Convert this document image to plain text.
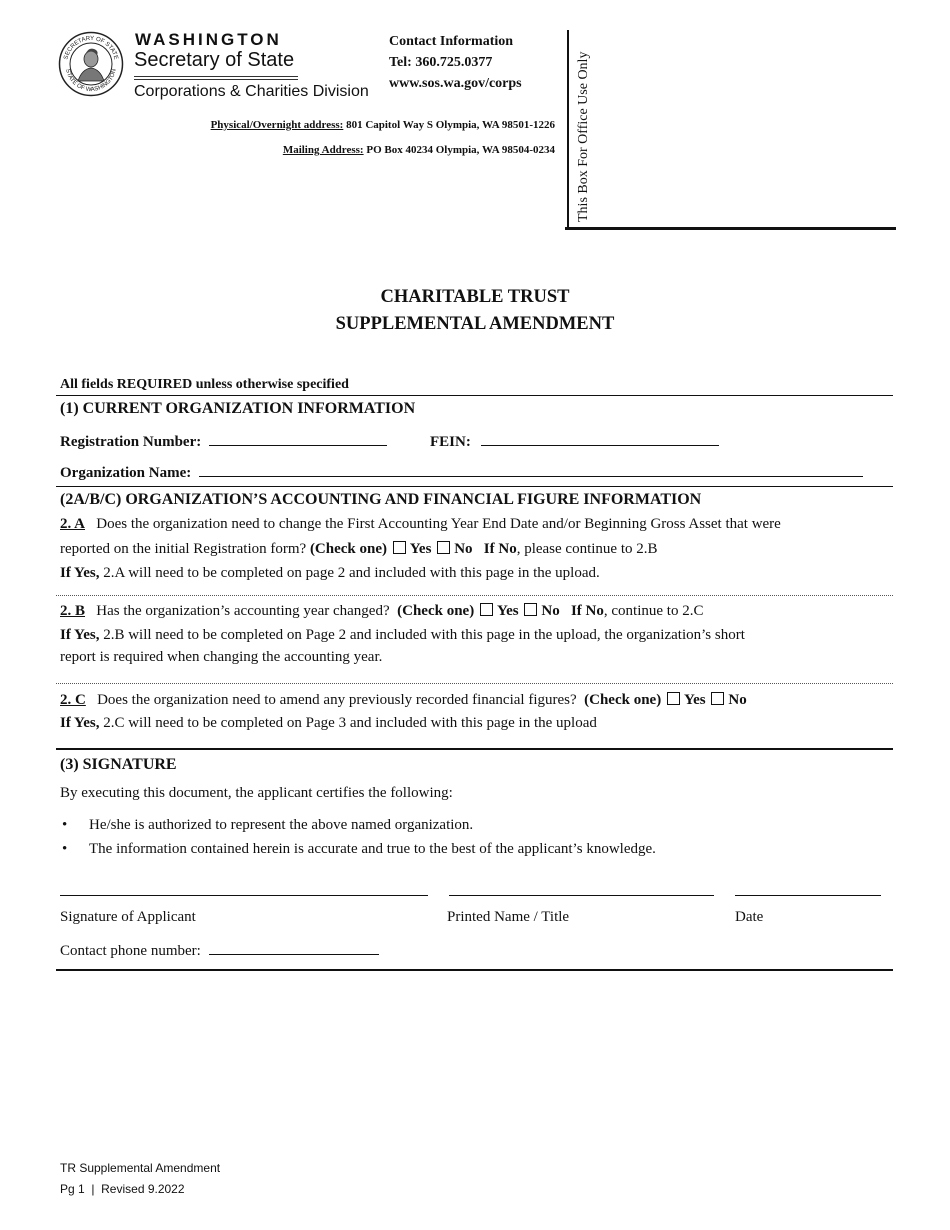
SECRETARY OF STATE
STATE OF WASHINGTON
WASHINGTON
Secretary of State
Corporations & Charities Division
Contact Information
Tel: 360.725.0377
www.sos.wa.gov/corps
Physical/Overnight address: 801 Capitol Way S Olympia, WA 98501-1226
Mailing Address: PO Box 40234 Olympia, WA 98504-0234 This Box For Office Use Only
CHARITABLE TRUST
SUPPLEMENTAL AMENDMENT
All fields REQUIRED unless otherwise specified
(1) CURRENT ORGANIZATION INFORMATION
Registration Number:	FEIN:
Organization Name:
(2A/B/C) ORGANIZATION’S ACCOUNTING AND FINANCIAL FIGURE INFORMATION
2. A Does the organization need to change the First Accounting Year End Date and/or Beginning Gross Asset that were
reported on the initial Registration form? (Check one) Yes No If No, please continue to 2.B
If Yes, 2.A will need to be completed on page 2 and included with this page in the upload.
2. B Has the organization’s accounting year changed? (Check one) Yes No If No, continue to 2.C
If Yes, 2.B will need to be completed on Page 2 and included with this page in the upload, the organization’s short
report is required when changing the accounting year.
2. C Does the organization need to amend any previously recorded financial figures? (Check one) Yes No
If Yes, 2.C will need to be completed on Page 3 and included with this page in the upload
(3) SIGNATURE
By executing this document, the applicant certifies the following:
• He/she is authorized to represent the above named organization.
• The information contained herein is accurate and true to the best of the applicant’s knowledge.
Signature of Applicant	Printed Name / Title	Date
Contact phone number:
TR Supplemental Amendment
Pg 1  |  Revised 9.2022
